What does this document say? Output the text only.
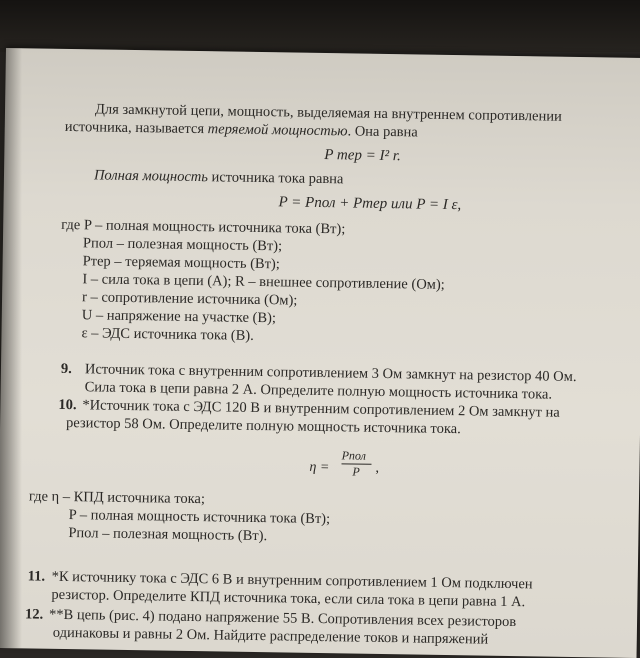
Для замкнутой цепи, мощность, выделяемая на внутреннем сопротивлении
источника, называется теряемой мощностью. Она равна
P тер = I² r.
Полная мощность источника тока равна
P = Pпол + Pтер или P = I ε,
где P – полная мощность источника тока (Вт);
Pпол – полезная мощность (Вт);
Pтер – теряемая мощность (Вт);
I – сила тока в цепи (А); R – внешнее сопротивление (Ом);
r – сопротивление источника (Ом);
U – напряжение на участке (В);
ε – ЭДС источника тока (В).
9. Источник тока с внутренним сопротивлением 3 Ом замкнут на резистор 40 Ом.
Сила тока в цепи равна 2 А. Определите полную мощность источника тока.
10. *Источник тока с ЭДС 120 В и внутренним сопротивлением 2 Ом замкнут на
резистор 58 Ом. Определите полную мощность источника тока.
η =
Pпол
P ,
где η – КПД источника тока;
P – полная мощность источника тока (Вт);
Pпол – полезная мощность (Вт).
11. *К источнику тока с ЭДС 6 В и внутренним сопротивлением 1 Ом подключен
резистор. Определите КПД источника тока, если сила тока в цепи равна 1 А.
12. **В цепь (рис. 4) подано напряжение 55 В. Сопротивления всех резисторов
одинаковы и равны 2 Ом. Найдите распределение токов и напряжений
